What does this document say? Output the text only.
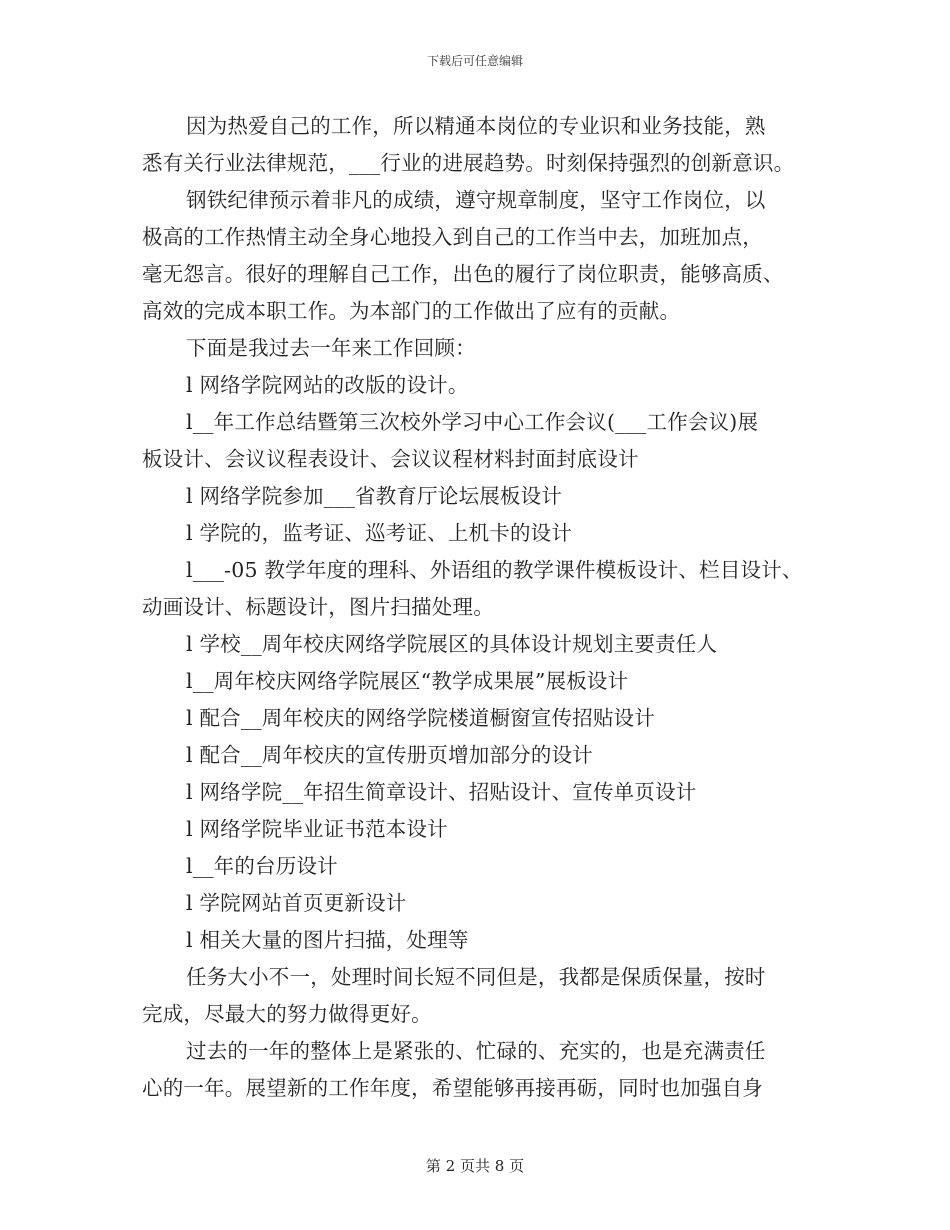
下载后可任意编辑
因为热爱自己的工作，所以精通本岗位的专业识和业务技能，熟
悉有关行业法律规范，___行业的进展趋势。时刻保持强烈的创新意识。
钢铁纪律预示着非凡的成绩，遵守规章制度，坚守工作岗位，以
极高的工作热情主动全身心地投入到自己的工作当中去，加班加点，
毫无怨言。很好的理解自己工作，出色的履行了岗位职责，能够高质、
高效的完成本职工作。为本部门的工作做出了应有的贡献。
下面是我过去一年来工作回顾：
l 网络学院网站的改版的设计。
l__年工作总结暨第三次校外学习中心工作会议(___工作会议)展
板设计、会议议程表设计、会议议程材料封面封底设计
l 网络学院参加___省教育厅论坛展板设计
l 学院的，监考证、巡考证、上机卡的设计
l___-05 教学年度的理科、外语组的教学课件模板设计、栏目设计、
动画设计、标题设计，图片扫描处理。
l 学校__周年校庆网络学院展区的具体设计规划主要责任人
l__周年校庆网络学院展区“教学成果展”展板设计
l 配合__周年校庆的网络学院楼道橱窗宣传招贴设计
l 配合__周年校庆的宣传册页增加部分的设计
l 网络学院__年招生简章设计、招贴设计、宣传单页设计
l 网络学院毕业证书范本设计
l__年的台历设计
l 学院网站首页更新设计
l 相关大量的图片扫描，处理等
任务大小不一，处理时间长短不同但是，我都是保质保量，按时
完成，尽最大的努力做得更好。
过去的一年的整体上是紧张的、忙碌的、充实的，也是充满责任
心的一年。展望新的工作年度，希望能够再接再砺，同时也加强自身
第 2 页共 8 页
